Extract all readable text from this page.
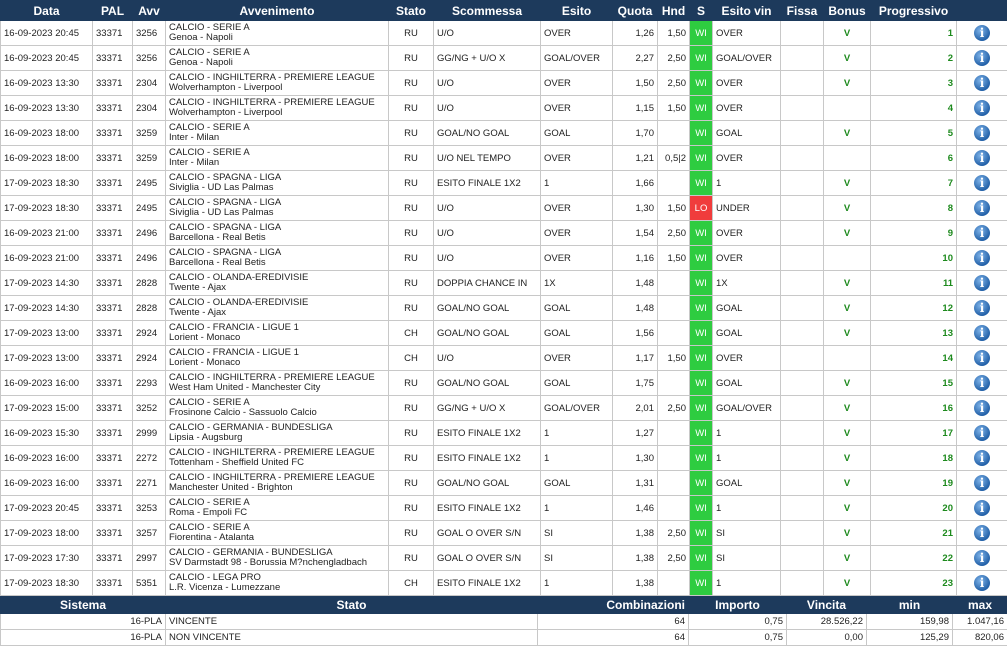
Data	PAL	Avv	Avvenimento	Stato	Scommessa	Esito	Quota	Hnd	S	Esito vin	Fissa	Bonus	Progressivo	
16-09-2023 20:45	33371	3256	CALCIO - SERIE A
Genoa - Napoli	RU	U/O	OVER	1,26	1,50	WI	OVER		V	1	i
16-09-2023 20:45	33371	3256	CALCIO - SERIE A
Genoa - Napoli	RU	GG/NG + U/O X	GOAL/OVER	2,27	2,50	WI	GOAL/OVER		V	2	i
16-09-2023 13:30	33371	2304	CALCIO - INGHILTERRA - PREMIERE LEAGUE
Wolverhampton - Liverpool	RU	U/O	OVER	1,50	2,50	WI	OVER		V	3	i
16-09-2023 13:30	33371	2304	CALCIO - INGHILTERRA - PREMIERE LEAGUE
Wolverhampton - Liverpool	RU	U/O	OVER	1,15	1,50	WI	OVER			4	i
16-09-2023 18:00	33371	3259	CALCIO - SERIE A
Inter - Milan	RU	GOAL/NO GOAL	GOAL	1,70		WI	GOAL		V	5	i
16-09-2023 18:00	33371	3259	CALCIO - SERIE A
Inter - Milan	RU	U/O NEL TEMPO	OVER	1,21	0,5|2	WI	OVER			6	i
17-09-2023 18:30	33371	2495	CALCIO - SPAGNA - LIGA
Siviglia - UD Las Palmas	RU	ESITO FINALE 1X2	1	1,66		WI	1		V	7	i
17-09-2023 18:30	33371	2495	CALCIO - SPAGNA - LIGA
Siviglia - UD Las Palmas	RU	U/O	OVER	1,30	1,50	LO	UNDER		V	8	i
16-09-2023 21:00	33371	2496	CALCIO - SPAGNA - LIGA
Barcellona - Real Betis	RU	U/O	OVER	1,54	2,50	WI	OVER		V	9	i
16-09-2023 21:00	33371	2496	CALCIO - SPAGNA - LIGA
Barcellona - Real Betis	RU	U/O	OVER	1,16	1,50	WI	OVER			10	i
17-09-2023 14:30	33371	2828	CALCIO - OLANDA-EREDIVISIE
Twente - Ajax	RU	DOPPIA CHANCE IN	1X	1,48		WI	1X		V	11	i
17-09-2023 14:30	33371	2828	CALCIO - OLANDA-EREDIVISIE
Twente - Ajax	RU	GOAL/NO GOAL	GOAL	1,48		WI	GOAL		V	12	i
17-09-2023 13:00	33371	2924	CALCIO - FRANCIA - LIGUE 1
Lorient - Monaco	CH	GOAL/NO GOAL	GOAL	1,56		WI	GOAL		V	13	i
17-09-2023 13:00	33371	2924	CALCIO - FRANCIA - LIGUE 1
Lorient - Monaco	CH	U/O	OVER	1,17	1,50	WI	OVER			14	i
16-09-2023 16:00	33371	2293	CALCIO - INGHILTERRA - PREMIERE LEAGUE
West Ham United - Manchester City	RU	GOAL/NO GOAL	GOAL	1,75		WI	GOAL		V	15	i
17-09-2023 15:00	33371	3252	CALCIO - SERIE A
Frosinone Calcio - Sassuolo Calcio	RU	GG/NG + U/O X	GOAL/OVER	2,01	2,50	WI	GOAL/OVER		V	16	i
16-09-2023 15:30	33371	2999	CALCIO - GERMANIA - BUNDESLIGA
Lipsia - Augsburg	RU	ESITO FINALE 1X2	1	1,27		WI	1		V	17	i
16-09-2023 16:00	33371	2272	CALCIO - INGHILTERRA - PREMIERE LEAGUE
Tottenham - Sheffield United FC	RU	ESITO FINALE 1X2	1	1,30		WI	1		V	18	i
16-09-2023 16:00	33371	2271	CALCIO - INGHILTERRA - PREMIERE LEAGUE
Manchester United - Brighton	RU	GOAL/NO GOAL	GOAL	1,31		WI	GOAL		V	19	i
17-09-2023 20:45	33371	3253	CALCIO - SERIE A
Roma - Empoli FC	RU	ESITO FINALE 1X2	1	1,46		WI	1		V	20	i
17-09-2023 18:00	33371	3257	CALCIO - SERIE A
Fiorentina - Atalanta	RU	GOAL O OVER S/N	SI	1,38	2,50	WI	SI		V	21	i
17-09-2023 17:30	33371	2997	CALCIO - GERMANIA - BUNDESLIGA
SV Darmstadt 98 - Borussia M?nchengladbach	RU	GOAL O OVER S/N	SI	1,38	2,50	WI	SI		V	22	i
17-09-2023 18:30	33371	5351	CALCIO - LEGA PRO
L.R. Vicenza - Lumezzane	CH	ESITO FINALE 1X2	1	1,38		WI	1		V	23	i
Sistema	Stato	Combinazioni	Importo	Vincita	min	max
16-PLA	VINCENTE	64	0,75	28.526,22	159,98	1.047,16
16-PLA	NON VINCENTE	64	0,75	0,00	125,29	820,06
